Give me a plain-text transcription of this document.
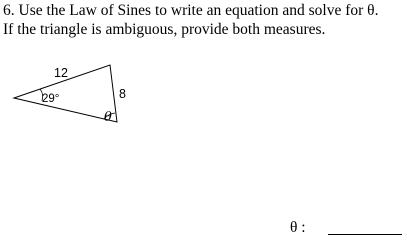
6. Use the Law of Sines to write an equation and solve for θ.
If the triangle is ambiguous, provide both measures.
12
8
29°
θ
θ :
